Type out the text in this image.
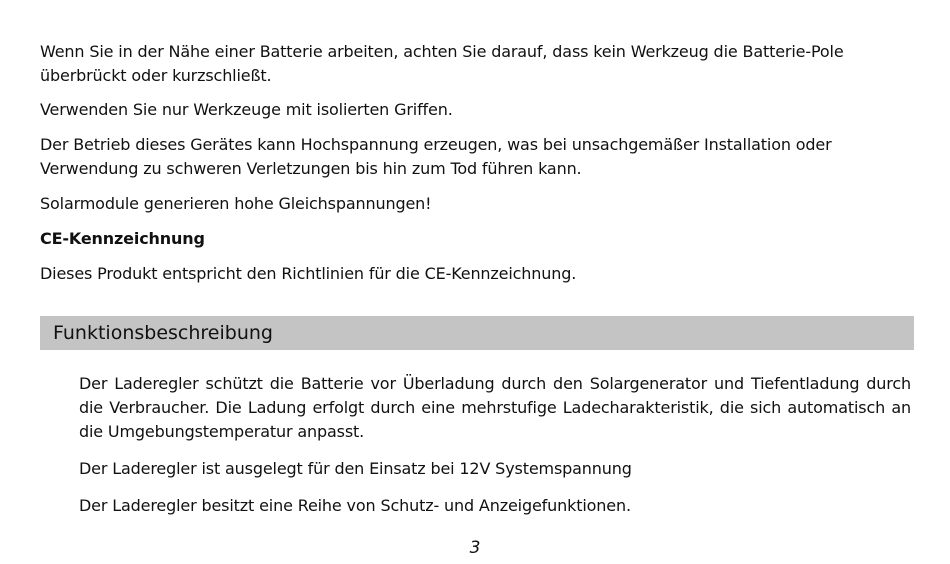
Wenn Sie in der Nähe einer Batterie arbeiten, achten Sie darauf, dass kein Werkzeug die Batterie-Pole überbrückt oder kurzschließt.

Verwenden Sie nur Werkzeuge mit isolierten Griffen.

Der Betrieb dieses Gerätes kann Hochspannung erzeugen, was bei unsachgemäßer Installation oder Verwendung zu schweren Verletzungen bis hin zum Tod führen kann.

Solarmodule generieren hohe Gleichspannungen!

CE-Kennzeichnung

Dieses Produkt entspricht den Richtlinien für die CE-Kennzeichnung.

Funktionsbeschreibung

Der Laderegler schützt die Batterie vor Überladung durch den Solargenerator und Tiefentladung durch die Verbraucher. Die Ladung erfolgt durch eine mehrstufige Ladecharakteristik, die sich automatisch an die Umgebungstemperatur anpasst.

Der Laderegler ist ausgelegt für den Einsatz bei 12V Systemspannung

Der Laderegler besitzt eine Reihe von Schutz- und Anzeigefunktionen.

3
